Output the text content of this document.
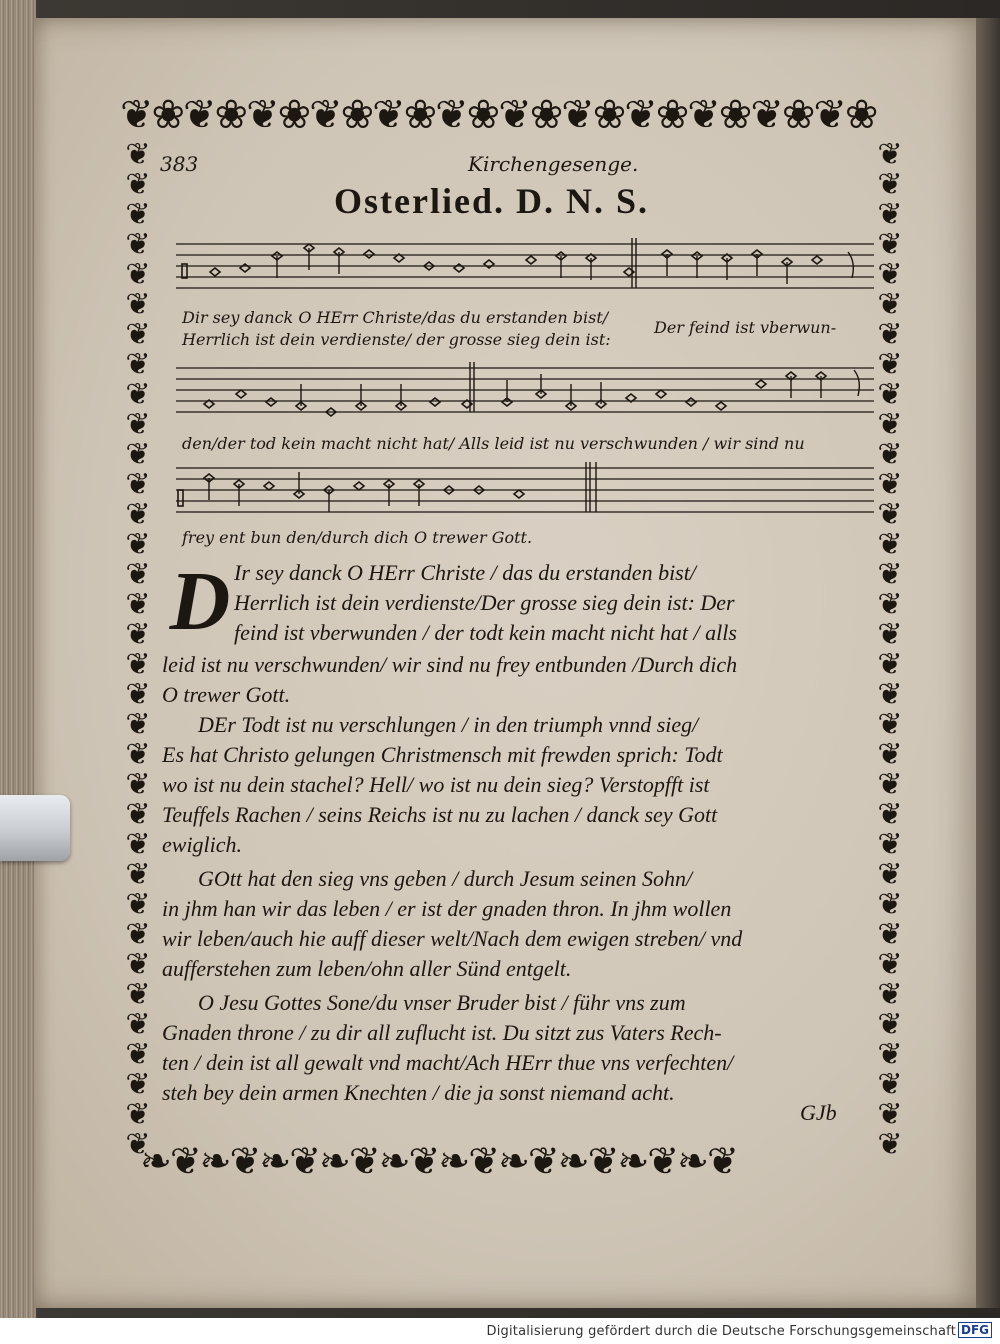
❦❀❦❀❦❀❦❀❦❀❦❀❦❀❦❀❦❀❦❀❦❀❦❀
❧❦❧❦❧❦❧❦❧❦❧❦❧❦❧❦❧❦❧❦
❦❦❦❦❦❦❦❦❦❦❦❦❦❦❦❦❦❦❦❦❦❦❦❦❦❦❦❦❦❦❦❦❦❦
❦❦❦❦❦❦❦❦❦❦❦❦❦❦❦❦❦❦❦❦❦❦❦❦❦❦❦❦❦❦❦❦❦❦
383	Kirchengesenge.
Osterlied. D. N. S.
Dir sey danck O HErr Christe/das du erstanden bist/
Herrlich ist dein verdienste/ der grosse sieg dein ist:
Der feind ist vberwun-
den/der tod kein macht nicht hat/ Alls leid ist nu verschwunden / wir sind nu
frey ent bun den/durch dich O trewer Gott.
D Ir sey danck O HErr Christe / das du erstanden bist/
Herrlich ist dein verdienste/Der grosse sieg dein ist: Der
feind ist vberwunden / der todt kein macht nicht hat / alls
leid ist nu verschwunden/ wir sind nu frey entbunden /Durch dich
O trewer Gott.
DEr Todt ist nu verschlungen / in den triumph vnnd sieg/
Es hat Christo gelungen Christmensch mit frewden sprich: Todt
wo ist nu dein stachel? Hell/ wo ist nu dein sieg? Verstopfft ist
Teuffels Rachen / seins Reichs ist nu zu lachen / danck sey Gott
ewiglich.
GOtt hat den sieg vns geben / durch Jesum seinen Sohn/
in jhm han wir das leben / er ist der gnaden thron. In jhm wollen
wir leben/auch hie auff dieser welt/Nach dem ewigen streben/ vnd
aufferstehen zum leben/ohn aller Sünd entgelt.
O Jesu Gottes Sone/du vnser Bruder bist / führ vns zum
Gnaden throne / zu dir all zuflucht ist. Du sitzt zus Vaters Rech-
ten / dein ist all gewalt vnd macht/Ach HErr thue vns verfechten/
steh bey dein armen Knechten / die ja sonst niemand acht.
GJb
Digitalisierung gefördert durch die Deutsche Forschungsgemeinschaft DFG
